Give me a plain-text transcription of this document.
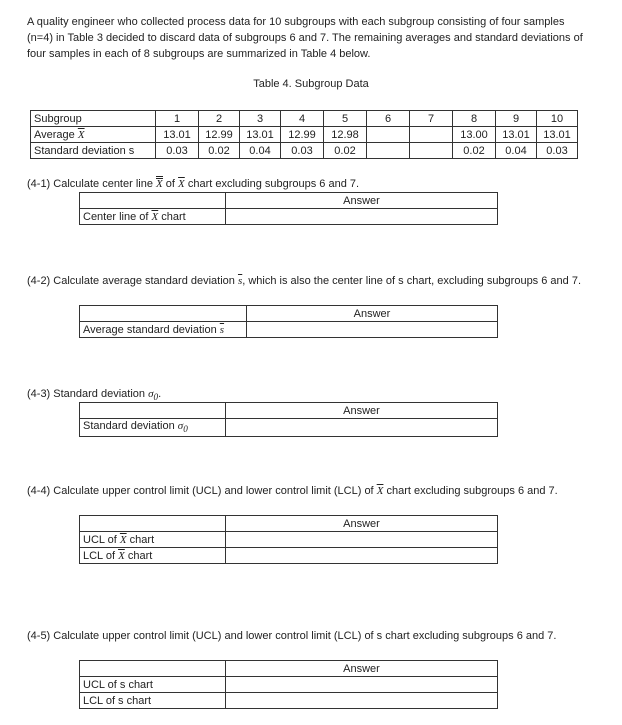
A quality engineer who collected process data for 10 subgroups with each subgroup consisting of four samples (n=4) in Table 3 decided to discard data of subgroups 6 and 7. The remaining averages and standard deviations of four samples in each of 8 subgroups are summarized in Table 4 below.
Table 4. Subgroup Data
Subgroup	1	2	3	4	5	6	7	8	9	10
Average $\overline{X}$	13.01	12.99	13.01	12.99	12.98			13.00	13.01	13.01
Standard deviation s	0.03	0.02	0.04	0.03	0.02			0.02	0.04	0.03
(4-1) Calculate center line X of $\overline{X}$ chart excluding subgroups 6 and 7.
	Answer
Center line of $\overline{X}$ chart	
(4-2) Calculate average standard deviation $\overline{s}$, which is also the center line of s chart, excluding subgroups 6 and 7.
	Answer
Average standard deviation $\overline{s}$	
(4-3) Standard deviation $\sigma_0$.
	Answer
Standard deviation $\sigma_0$	
(4-4) Calculate upper control limit (UCL) and lower control limit (LCL) of $\overline{X}$ chart excluding subgroups 6 and 7.
	Answer
UCL of $\overline{X}$ chart	
LCL of $\overline{X}$ chart	
(4-5) Calculate upper control limit (UCL) and lower control limit (LCL) of s chart excluding subgroups 6 and 7.
	Answer
UCL of s chart	
LCL of s chart	
